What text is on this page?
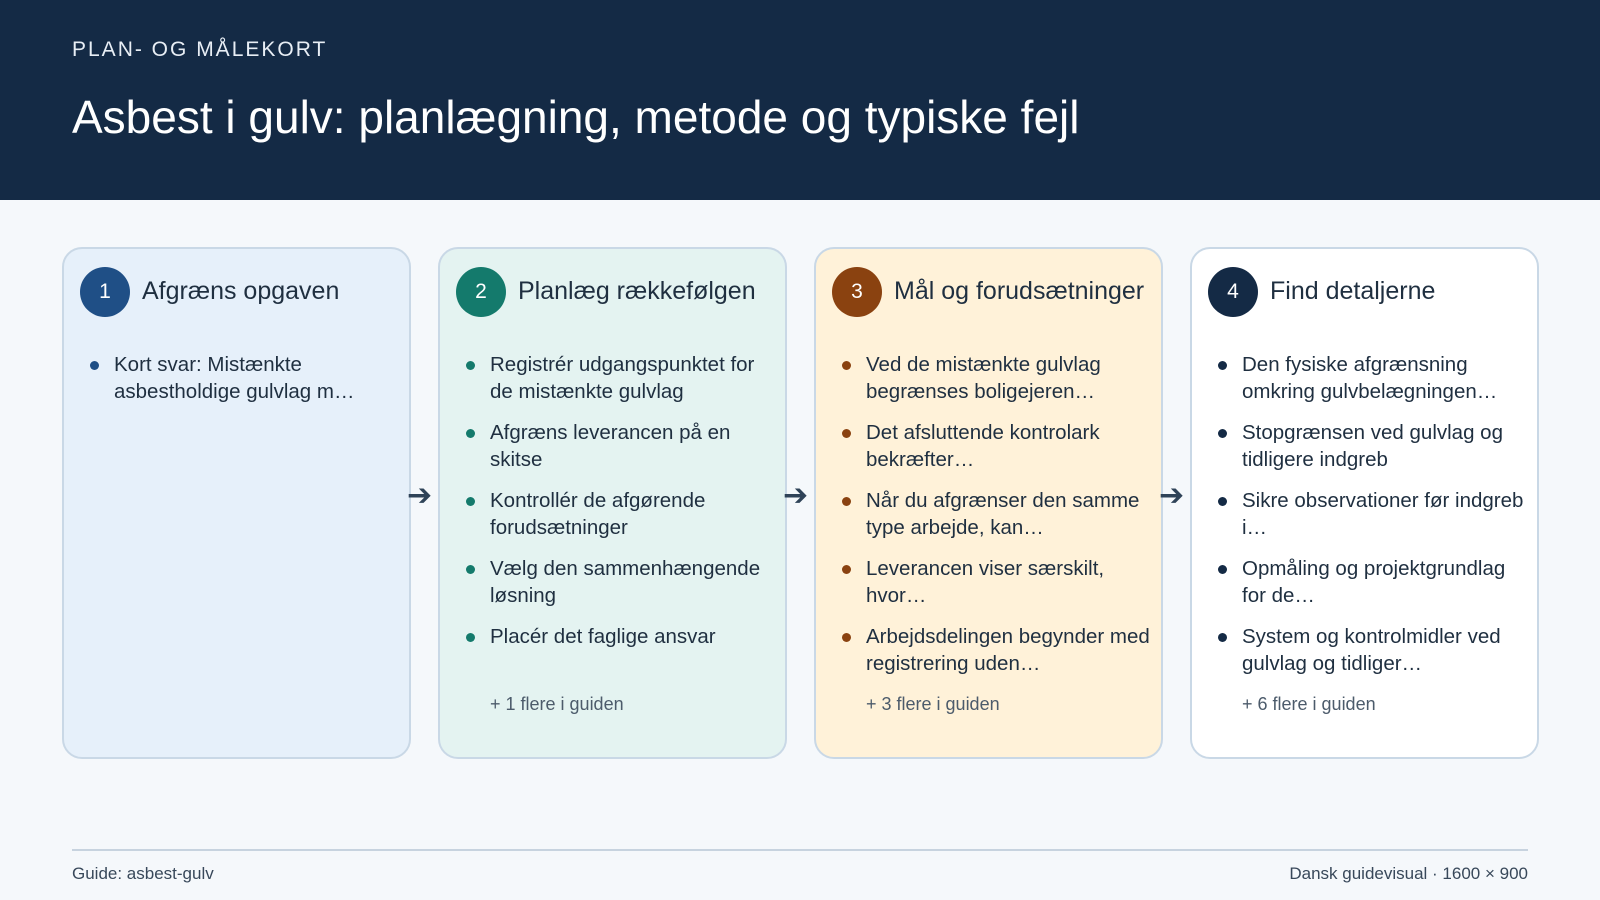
PLAN- OG MÅLEKORT
Asbest i gulv: planlægning, metode og typiske fejl
1	Afgræns opgaven
Kort svar: Mistænkte asbestholdige gulvlag m…
➔
2	Planlæg rækkefølgen
Registrér udgangspunktet for de mistænkte gulvlag
Afgræns leverancen på en skitse
Kontrollér de afgørende forudsætninger
Vælg den sammenhængende løsning
Placér det faglige ansvar
+ 1 flere i guiden
➔
3	Mål og forudsætninger
Ved de mistænkte gulvlag begrænses boligejeren…
Det afsluttende kontrolark bekræfter…
Når du afgrænser den samme type arbejde, kan…
Leverancen viser særskilt, hvor…
Arbejdsdelingen begynder med registrering uden…
+ 3 flere i guiden
➔
4	Find detaljerne
Den fysiske afgrænsning omkring gulvbelægningen…
Stopgrænsen ved gulvlag og tidligere indgreb
Sikre observationer før indgreb i…
Opmåling og projektgrundlag for de…
System og kontrolmidler ved gulvlag og tidliger…
+ 6 flere i guiden
Guide: asbest-gulv	Dansk guidevisual · 1600 × 900
